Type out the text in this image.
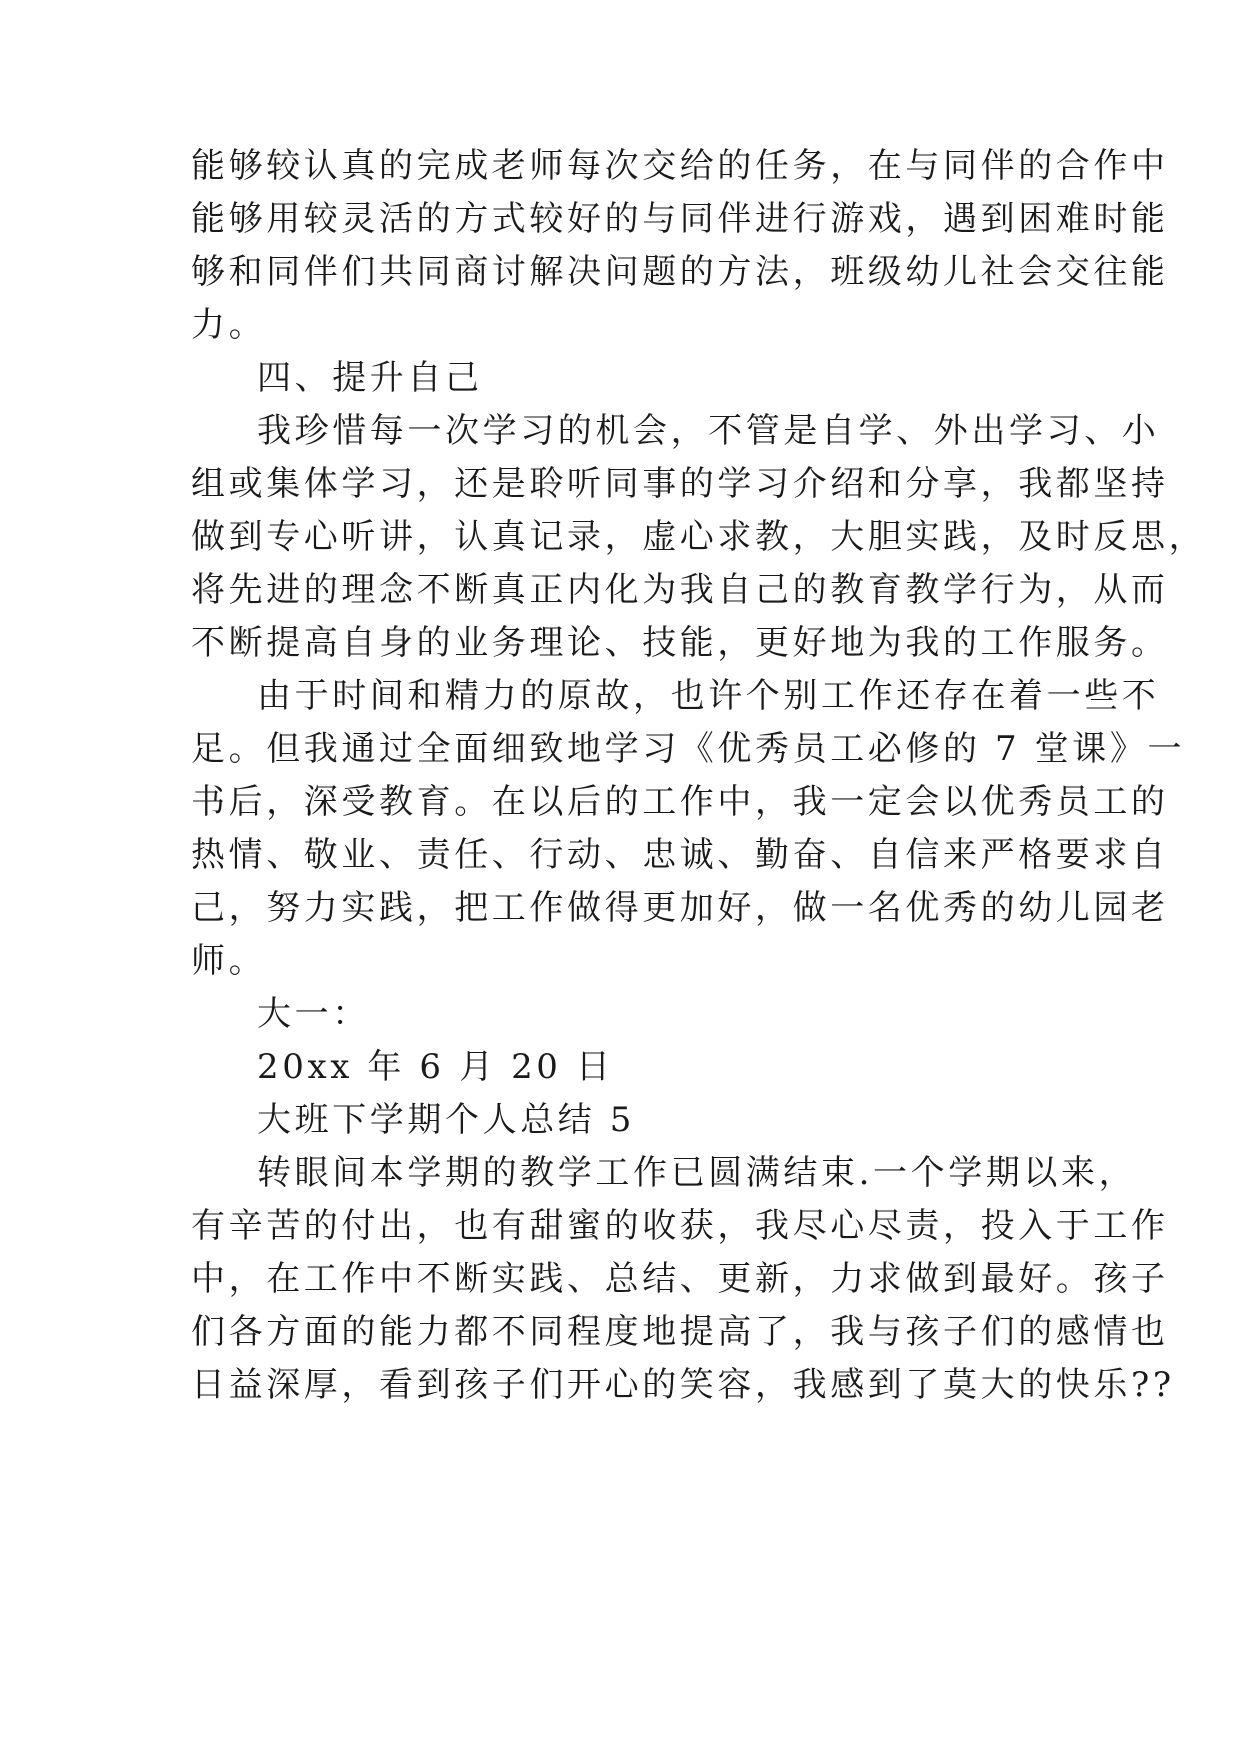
能够较认真的完成老师每次交给的任务，在与同伴的合作中
能够用较灵活的方式较好的与同伴进行游戏，遇到困难时能
够和同伴们共同商讨解决问题的方法，班级幼儿社会交往能
力。
四、提升自己
我珍惜每一次学习的机会，不管是自学、外出学习、小
组或集体学习，还是聆听同事的学习介绍和分享，我都坚持
做到专心听讲，认真记录，虚心求教，大胆实践，及时反思，
将先进的理念不断真正内化为我自己的教育教学行为，从而
不断提高自身的业务理论、技能，更好地为我的工作服务。
由于时间和精力的原故，也许个别工作还存在着一些不
足。但我通过全面细致地学习《优秀员工必修的 7 堂课》一
书后，深受教育。在以后的工作中，我一定会以优秀员工的
热情、敬业、责任、行动、忠诚、勤奋、自信来严格要求自
己，努力实践，把工作做得更加好，做一名优秀的幼儿园老
师。
大一：
20xx 年 6 月 20 日
大班下学期个人总结 5
转眼间本学期的教学工作已圆满结束.一个学期以来，
有辛苦的付出，也有甜蜜的收获，我尽心尽责，投入于工作
中，在工作中不断实践、总结、更新，力求做到最好。孩子
们各方面的能力都不同程度地提高了，我与孩子们的感情也
日益深厚，看到孩子们开心的笑容，我感到了莫大的快乐??
